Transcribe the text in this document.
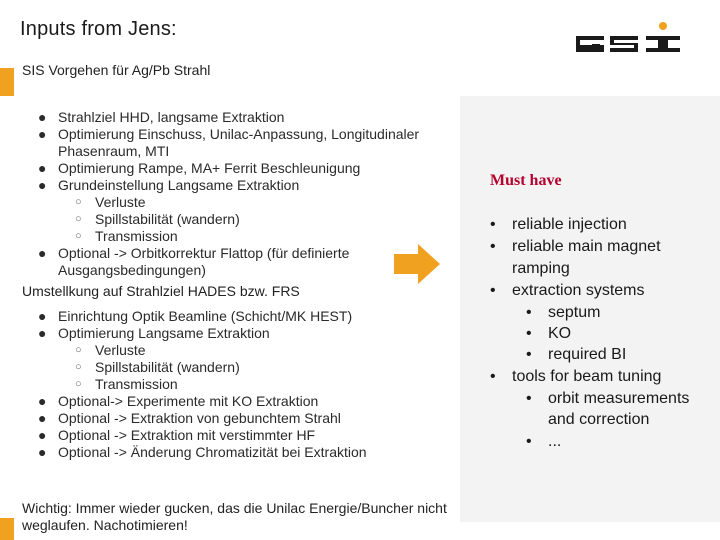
Inputs from Jens:
SIS Vorgehen für Ag/Pb Strahl
● Strahlziel HHD, langsame Extraktion
● Optimierung Einschuss, Unilac-Anpassung, Longitudinaler
Phasenraum, MTI
● Optimierung Rampe, MA+ Ferrit Beschleunigung
● Grundeinstellung Langsame Extraktion
○ Verluste
○ Spillstabilität (wandern)
○ Transmission
● Optional -> Orbitkorrektur Flattop (für definierte
Ausgangsbedingungen)
Umstellkung auf Strahlziel HADES bzw. FRS
● Einrichtung Optik Beamline (Schicht/MK HEST)
● Optimierung Langsame Extraktion
○ Verluste
○ Spillstabilität (wandern)
○ Transmission
● Optional-> Experimente mit KO Extraktion
● Optional -> Extraktion von gebunchtem Strahl
● Optional -> Extraktion mit verstimmter HF
● Optional -> Änderung Chromatizität bei Extraktion
Wichtig: Immer wieder gucken, das die Unilac Energie/Buncher nicht weglaufen. Nachotimieren!
Must have
• reliable injection
• reliable main magnet
ramping
• extraction systems
• septum
• KO
• required BI
• tools for beam tuning
• orbit measurements
and correction
• ...
